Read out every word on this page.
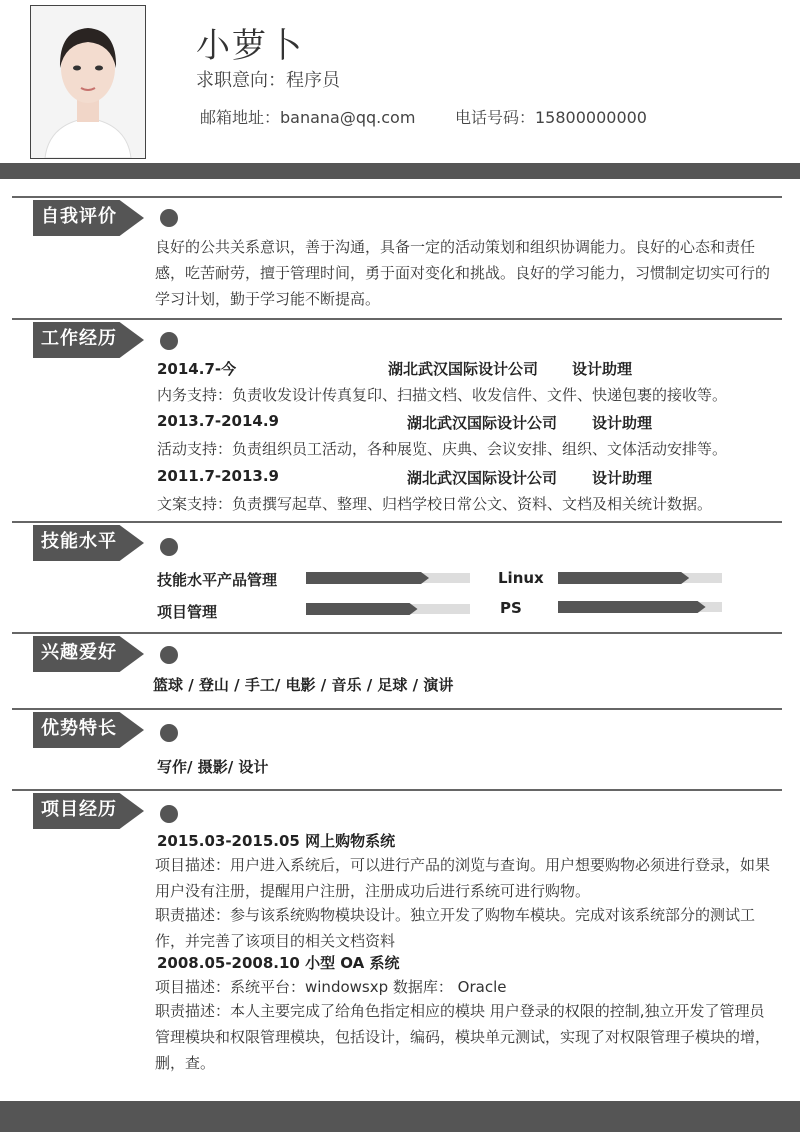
小萝卜
求职意向：程序员
邮箱地址：banana@qq.com 电话号码：15800000000
自我评价
良好的公共关系意识，善于沟通，具备一定的活动策划和组织协调能力。良好的心态和责任感，吃苦耐劳，擅于管理时间，勇于面对变化和挑战。良好的学习能力，习惯制定切实可行的学习计划，勤于学习能不断提高。
工作经历
2014.7-今	湖北武汉国际设计公司 设计助理
内务支持：负责收发设计传真复印、扫描文档、收发信件、文件、快递包裹的接收等。
2013.7-2014.9	湖北武汉国际设计公司 设计助理
活动支持：负责组织员工活动，各种展览、庆典、会议安排、组织、文体活动安排等。
2011.7-2013.9	湖北武汉国际设计公司 设计助理
文案支持：负责撰写起草、整理、归档学校日常公文、资料、文档及相关统计数据。
技能水平
技能水平产品管理	Linux
项目管理	PS
兴趣爱好
篮球 / 登山 / 手工/ 电影 / 音乐 / 足球 / 演讲
优势特长
写作/ 摄影/ 设计
项目经历
2015.03-2015.05 网上购物系统
项目描述：用户进入系统后，可以进行产品的浏览与查询。用户想要购物必须进行登录，如果用户没有注册，提醒用户注册，注册成功后进行系统可进行购物。
职责描述：参与该系统购物模块设计。独立开发了购物车模块。完成对该系统部分的测试工作，并完善了该项目的相关文档资料
2008.05-2008.10 小型 OA 系统
项目描述：系统平台：windowsxp 数据库： Oracle
职责描述：本人主要完成了给角色指定相应的模块 用户登录的权限的控制,独立开发了管理员管理模块和权限管理模块，包括设计，编码，模块单元测试，实现了对权限管理子模块的增，删，查。
